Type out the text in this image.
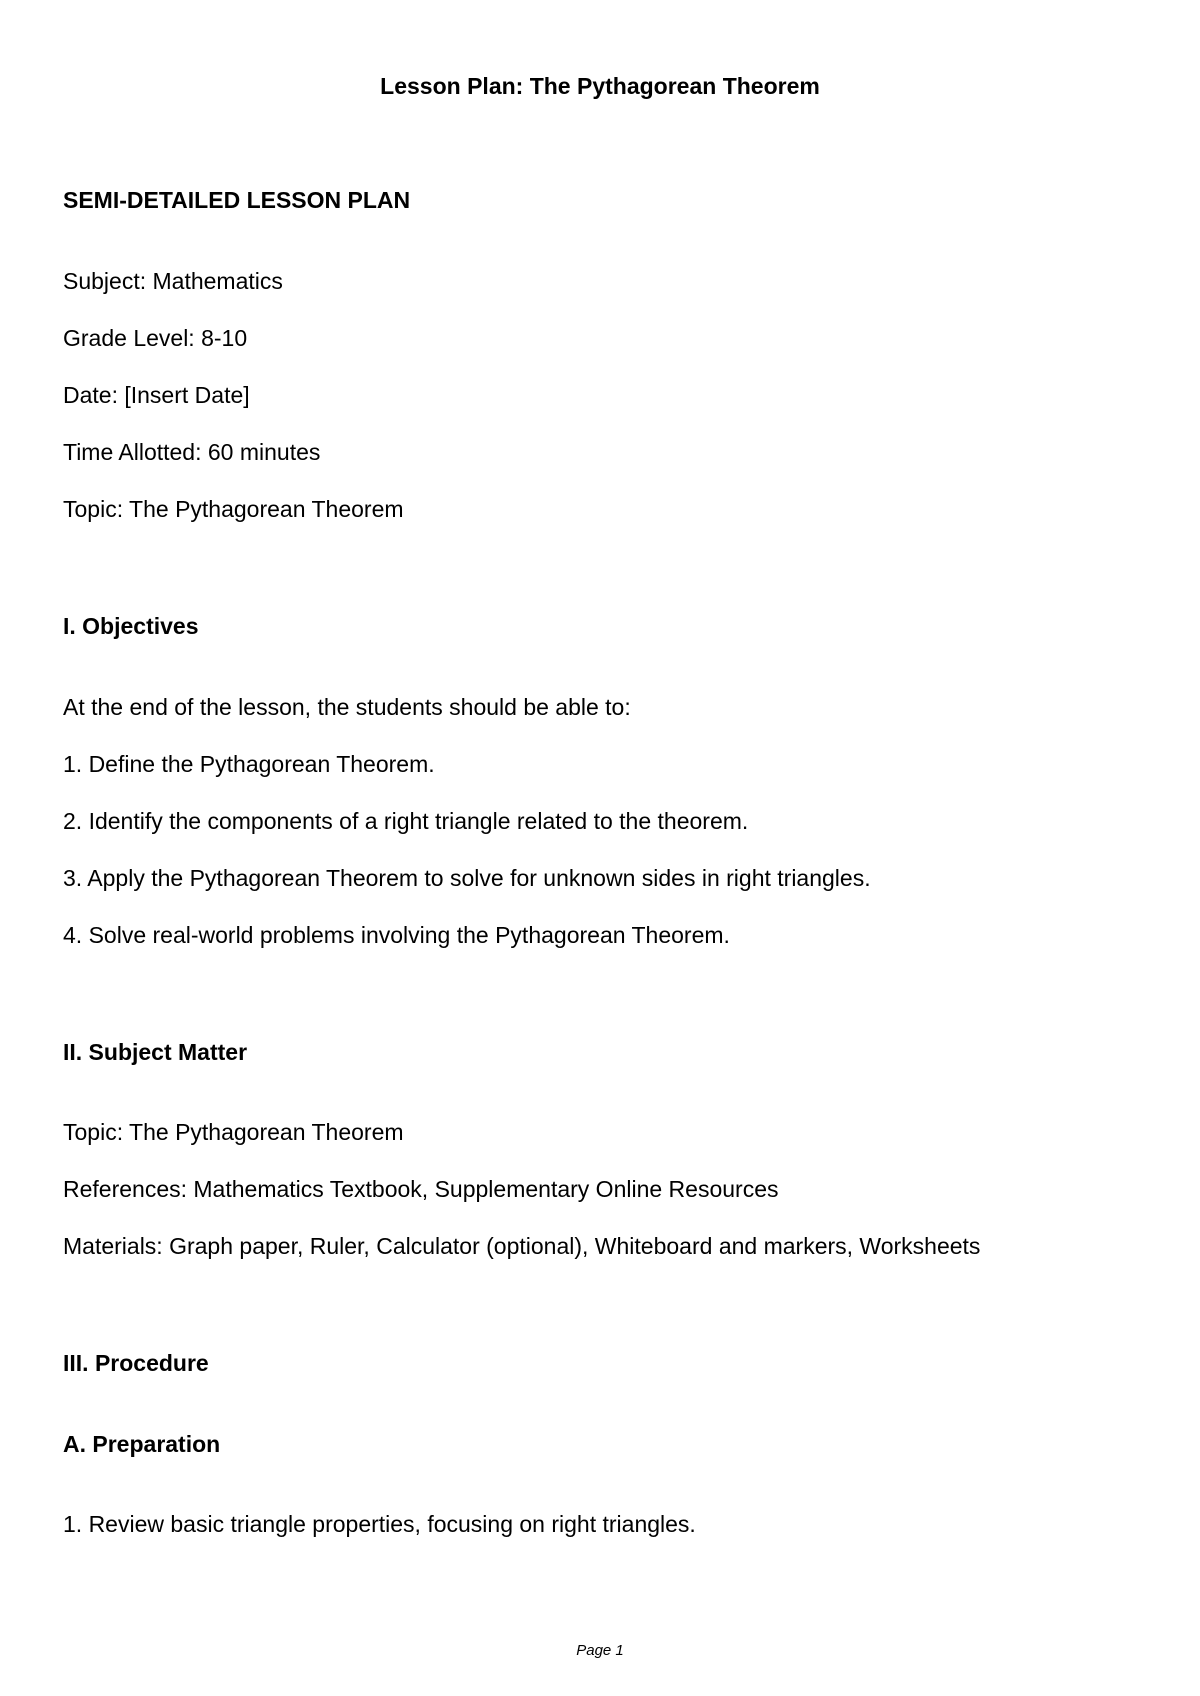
Lesson Plan: The Pythagorean Theorem
SEMI-DETAILED LESSON PLAN
Subject: Mathematics
Grade Level: 8-10
Date: [Insert Date]
Time Allotted: 60 minutes
Topic: The Pythagorean Theorem
I. Objectives
At the end of the lesson, the students should be able to:
1. Define the Pythagorean Theorem.
2. Identify the components of a right triangle related to the theorem.
3. Apply the Pythagorean Theorem to solve for unknown sides in right triangles.
4. Solve real-world problems involving the Pythagorean Theorem.
II. Subject Matter
Topic: The Pythagorean Theorem
References: Mathematics Textbook, Supplementary Online Resources
Materials: Graph paper, Ruler, Calculator (optional), Whiteboard and markers, Worksheets
III. Procedure
A. Preparation
1. Review basic triangle properties, focusing on right triangles.
Page 1
